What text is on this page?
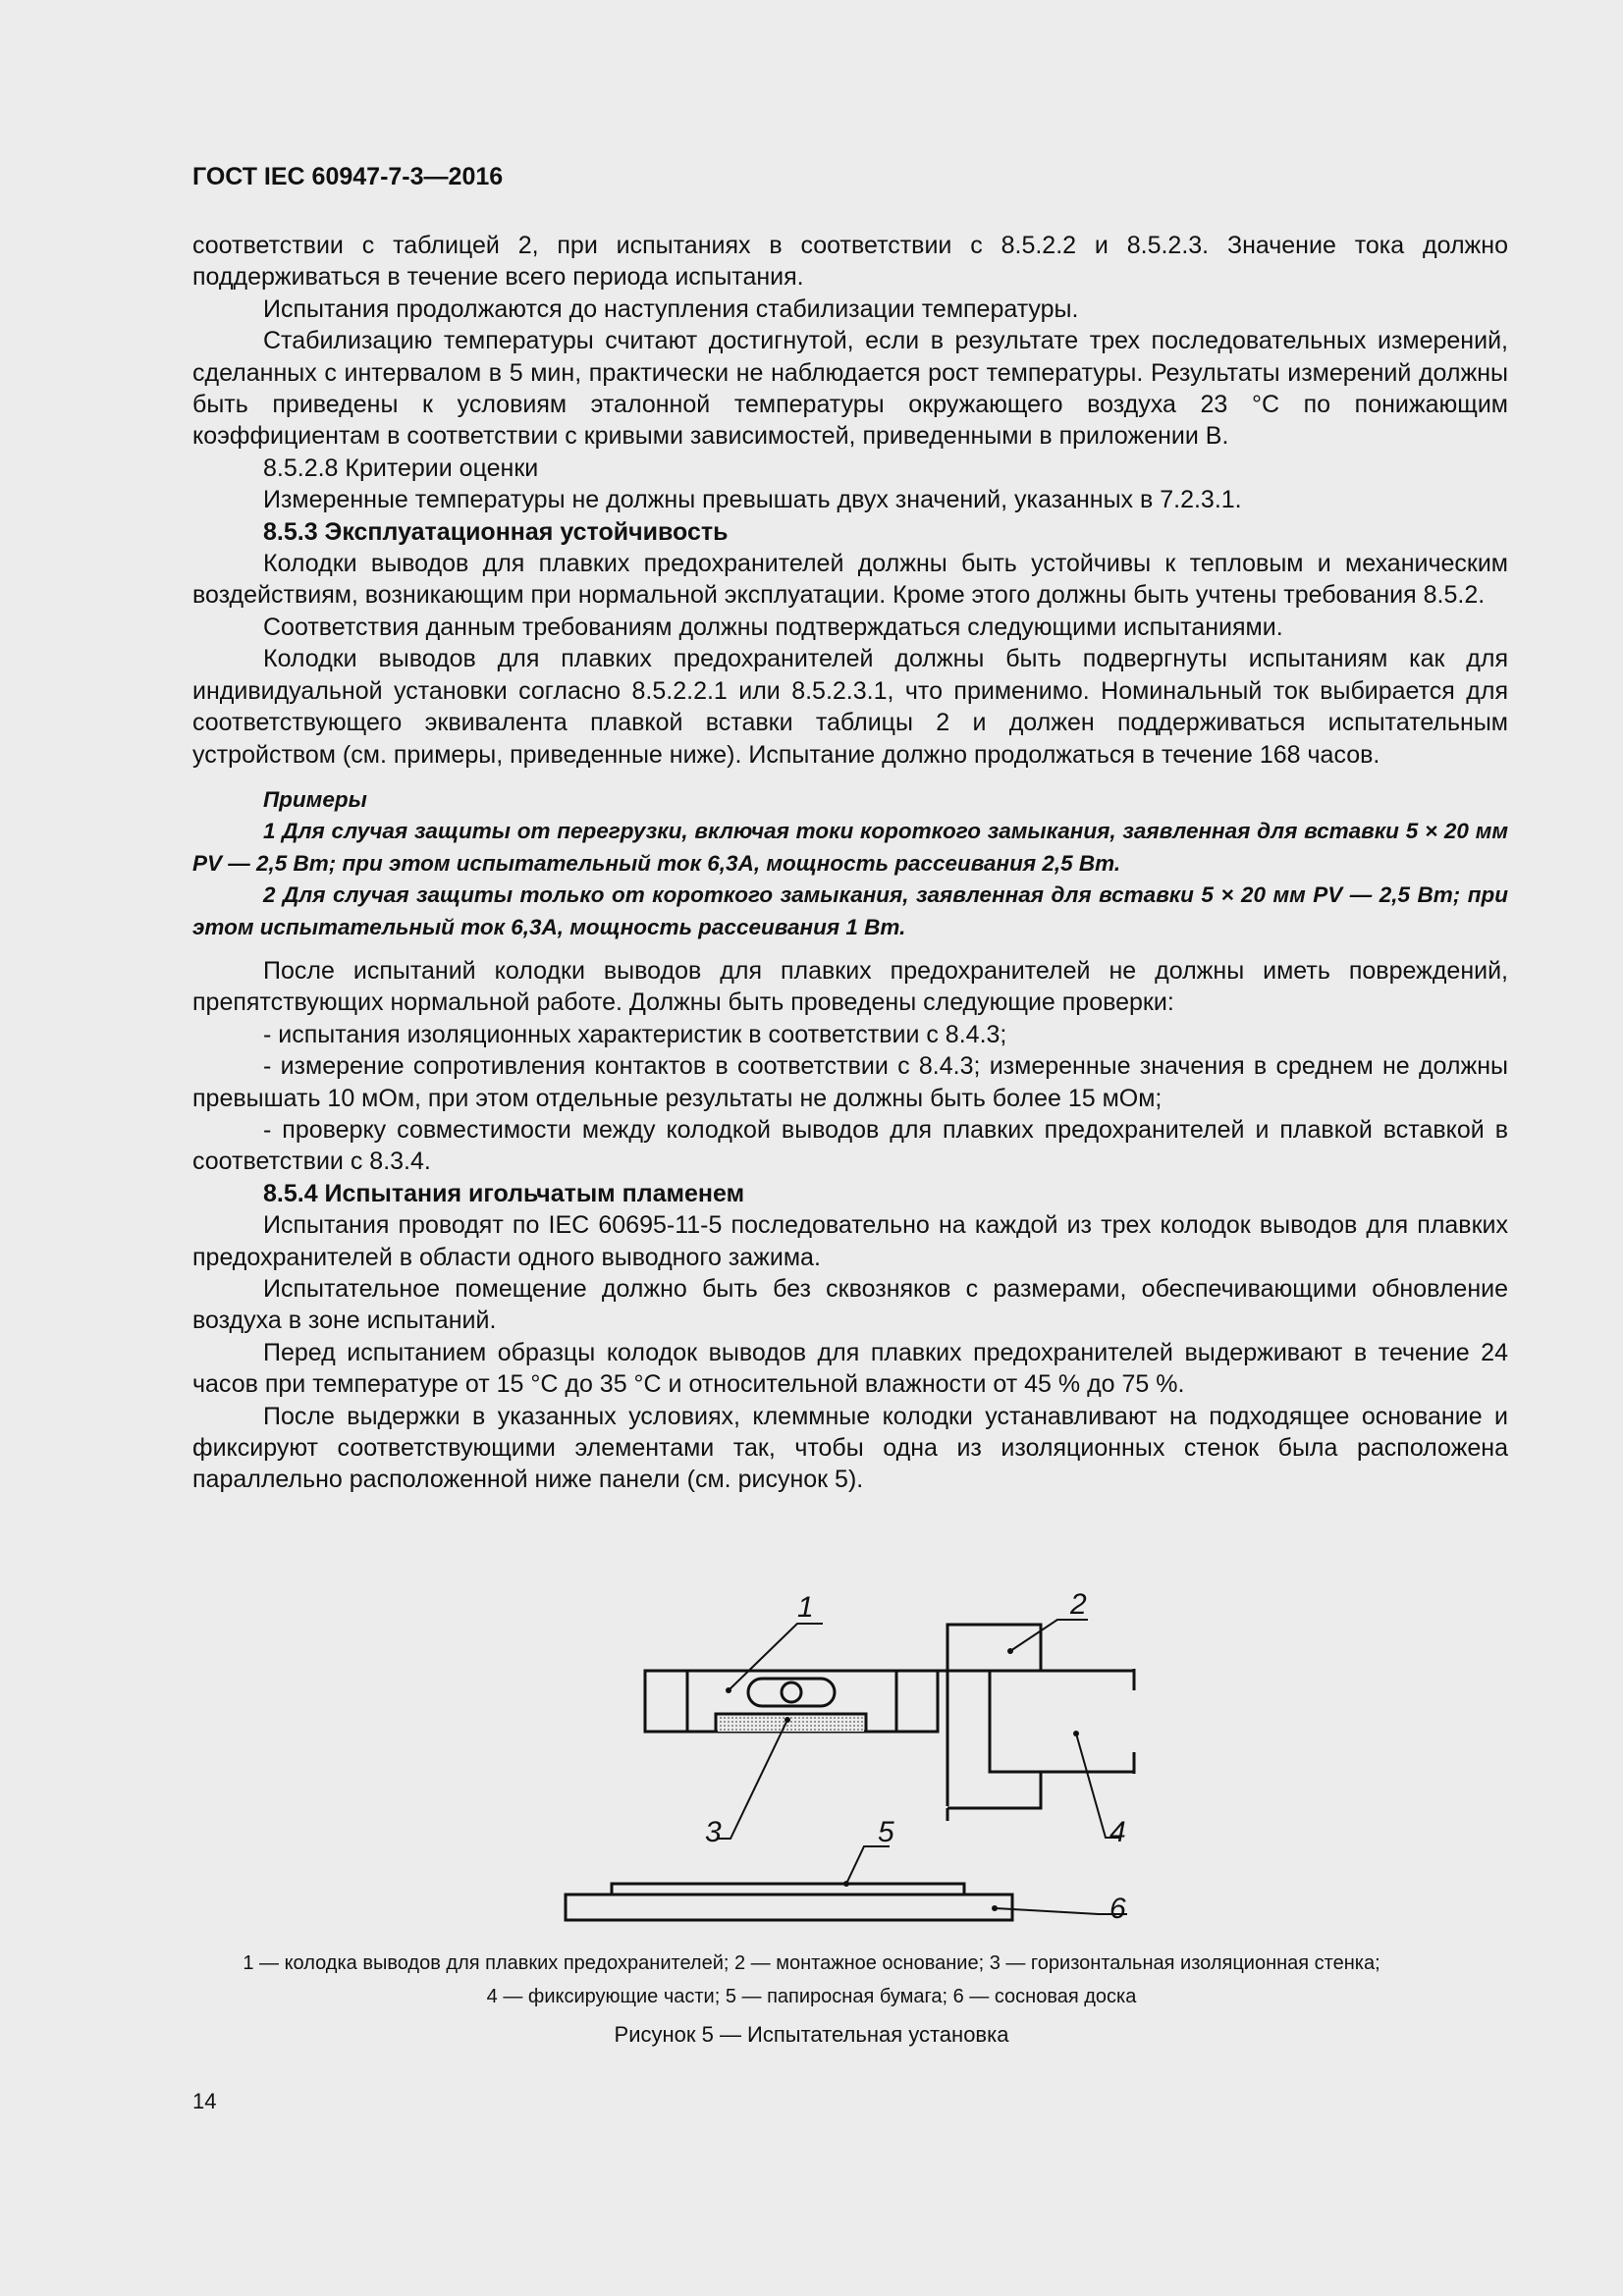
ГОСТ IEC 60947-7-3—2016

соответствии с таблицей 2, при испытаниях в соответствии с 8.5.2.2 и 8.5.2.3. Значение тока должно поддерживаться в течение всего периода испытания.

Испытания продолжаются до наступления стабилизации температуры.

Стабилизацию температуры считают достигнутой, если в результате трех последовательных измерений, сделанных с интервалом в 5 мин, практически не наблюдается рост температуры. Результаты измерений должны быть приведены к условиям эталонной температуры окружающего воздуха 23 °С по понижающим коэффициентам в соответствии с кривыми зависимостей, приведенными в приложении В.

8.5.2.8 Критерии оценки

Измеренные температуры не должны превышать двух значений, указанных в 7.2.3.1.

8.5.3 Эксплуатационная устойчивость

Колодки выводов для плавких предохранителей должны быть устойчивы к тепловым и механическим воздействиям, возникающим при нормальной эксплуатации. Кроме этого должны быть учтены требования 8.5.2.

Соответствия данным требованиям должны подтверждаться следующими испытаниями.

Колодки выводов для плавких предохранителей должны быть подвергнуты испытаниям как для индивидуальной установки согласно 8.5.2.2.1 или 8.5.2.3.1, что применимо. Номинальный ток выбирается для соответствующего эквивалента плавкой вставки таблицы 2 и должен поддерживаться испытательным устройством (см. примеры, приведенные ниже). Испытание должно продолжаться в течение 168 часов.

Примеры

1 Для случая защиты от перегрузки, включая токи короткого замыкания, заявленная для вставки 5 × 20 мм PV — 2,5 Вт; при этом испытательный ток 6,3А, мощность рассеивания 2,5 Вт.

2 Для случая защиты только от короткого замыкания, заявленная для вставки 5 × 20 мм PV — 2,5 Вт; при этом испытательный ток 6,3А, мощность рассеивания 1 Вт.

После испытаний колодки выводов для плавких предохранителей не должны иметь повреждений, препятствующих нормальной работе. Должны быть проведены следующие проверки:

- испытания изоляционных характеристик в соответствии с 8.4.3;

- измерение сопротивления контактов в соответствии с 8.4.3; измеренные значения в среднем не должны превышать 10 мОм, при этом отдельные результаты не должны быть более 15 мОм;

- проверку совместимости между колодкой выводов для плавких предохранителей и плавкой вставкой в соответствии с 8.3.4.

8.5.4 Испытания игольчатым пламенем

Испытания проводят по IEC 60695-11-5 последовательно на каждой из трех колодок выводов для плавких предохранителей в области одного выводного зажима.

Испытательное помещение должно быть без сквозняков с размерами, обеспечивающими обновление воздуха в зоне испытаний.

Перед испытанием образцы колодок выводов для плавких предохранителей выдерживают в течение 24 часов при температуре от 15 °С до 35 °С и относительной влажности от 45 % до 75 %.

После выдержки в указанных условиях, клеммные колодки устанавливают на подходящее основание и фиксируют соответствующими элементами так, чтобы одна из изоляционных стенок была расположена параллельно расположенной ниже панели (см. рисунок 5).

1	2
3	4
5
6
1 — колодка выводов для плавких предохранителей; 2 — монтажное основание; 3 — горизонтальная изоляционная стенка;
4 — фиксирующие части; 5 — папиросная бумага; 6 — сосновая доска
Рисунок 5 — Испытательная установка
14
